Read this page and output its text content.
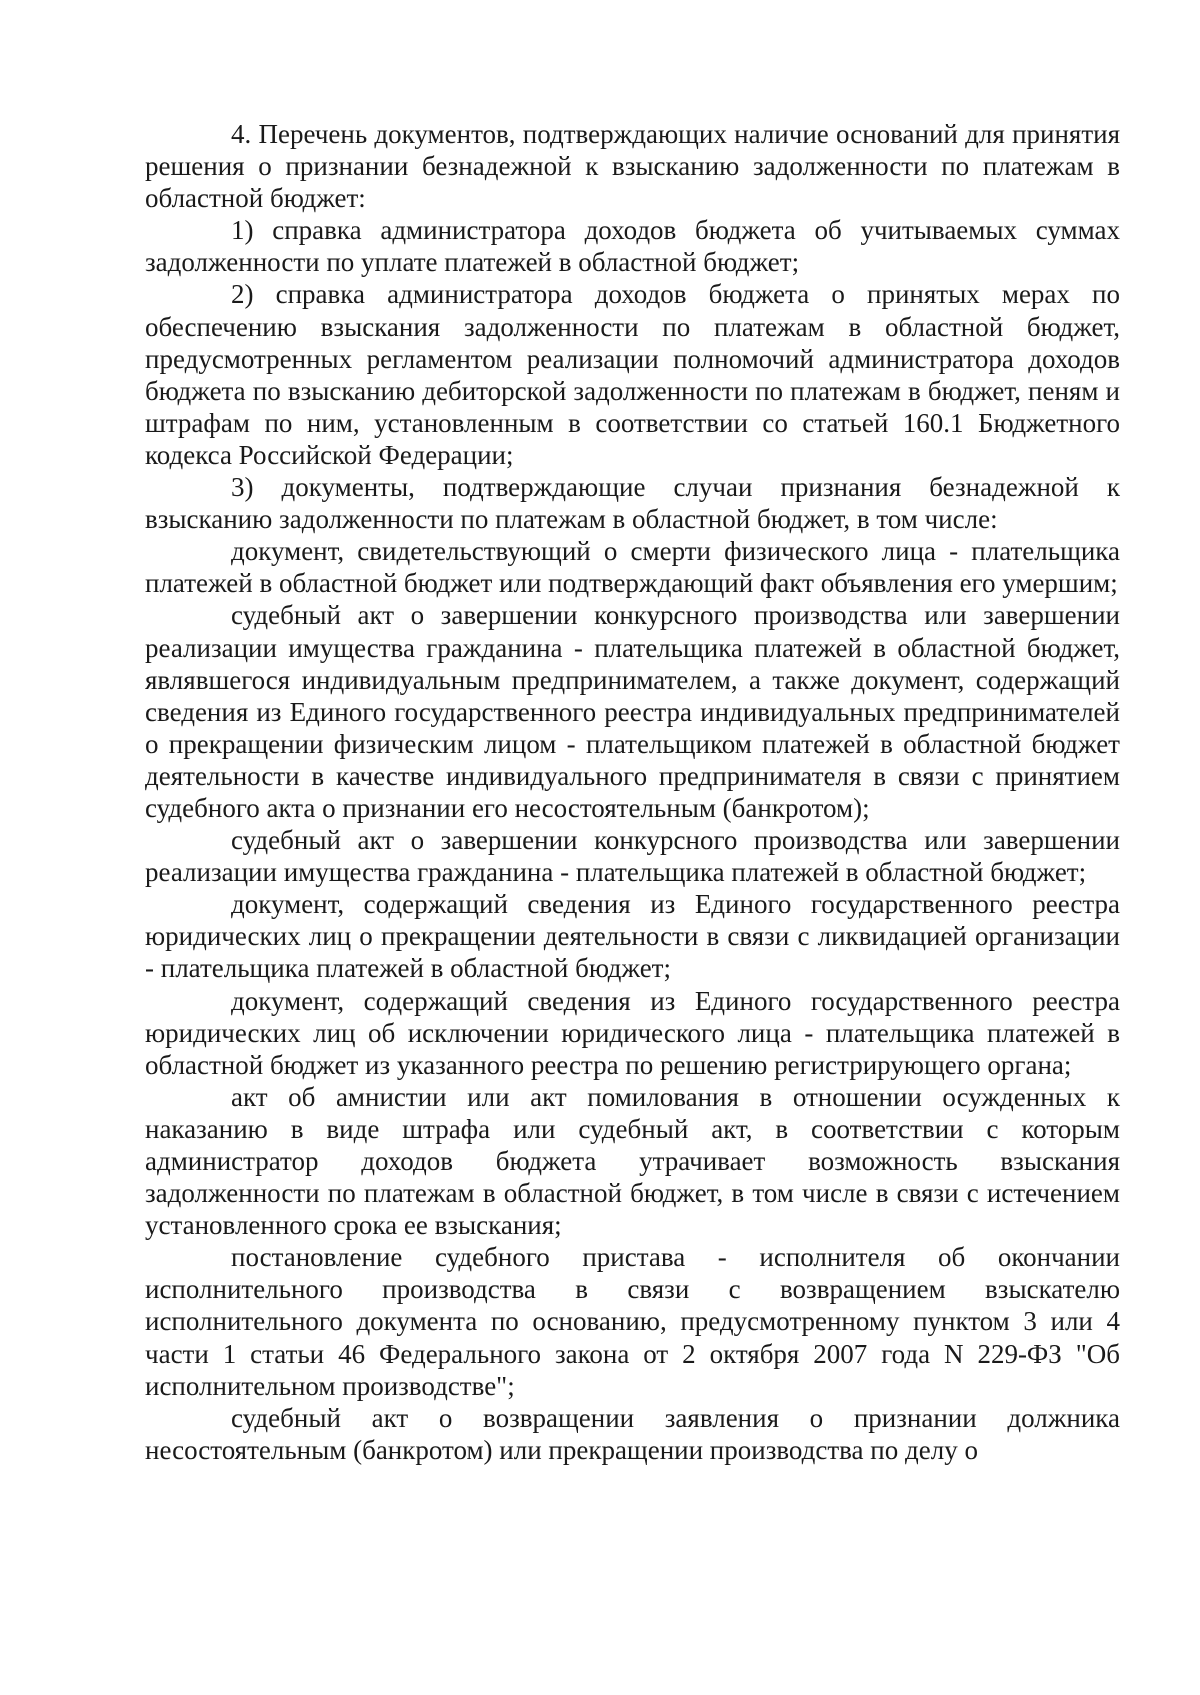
4. Перечень документов, подтверждающих наличие оснований для принятия решения о признании безнадежной к взысканию задолженности по платежам в областной бюджет:

1) справка администратора доходов бюджета об учитываемых суммах задолженности по уплате платежей в областной бюджет;

2) справка администратора доходов бюджета о принятых мерах по обеспечению взыскания задолженности по платежам в областной бюджет, предусмотренных регламентом реализации полномочий администратора доходов бюджета по взысканию дебиторской задолженности по платежам в бюджет, пеням и штрафам по ним, установленным в соответствии со статьей 160.1 Бюджетного кодекса Российской Федерации;

3) документы, подтверждающие случаи признания безнадежной к взысканию задолженности по платежам в областной бюджет, в том числе:

документ, свидетельствующий о смерти физического лица - плательщика платежей в областной бюджет или подтверждающий факт объявления его умершим;

судебный акт о завершении конкурсного производства или завершении реализации имущества гражданина - плательщика платежей в областной бюджет, являвшегося индивидуальным предпринимателем, а также документ, содержащий сведения из Единого государственного реестра индивидуальных предпринимателей о прекращении физическим лицом - плательщиком платежей в областной бюджет деятельности в качестве индивидуального предпринимателя в связи с принятием судебного акта о признании его несостоятельным (банкротом);

судебный акт о завершении конкурсного производства или завершении реализации имущества гражданина - плательщика платежей в областной бюджет;

документ, содержащий сведения из Единого государственного реестра юридических лиц о прекращении деятельности в связи с ликвидацией организации - плательщика платежей в областной бюджет;

документ, содержащий сведения из Единого государственного реестра юридических лиц об исключении юридического лица - плательщика платежей в областной бюджет из указанного реестра по решению регистрирующего органа;

акт об амнистии или акт помилования в отношении осужденных к наказанию в виде штрафа или судебный акт, в соответствии с которым администратор доходов бюджета утрачивает возможность взыскания задолженности по платежам в областной бюджет, в том числе в связи с истечением установленного срока ее взыскания;

постановление судебного пристава - исполнителя об окончании исполнительного производства в связи с возвращением взыскателю исполнительного документа по основанию, предусмотренному пунктом 3 или 4 части 1 статьи 46 Федерального закона от 2 октября 2007 года N 229-ФЗ "Об исполнительном производстве";

судебный акт о возвращении заявления о признании должника несостоятельным (банкротом) или прекращении производства по делу о
